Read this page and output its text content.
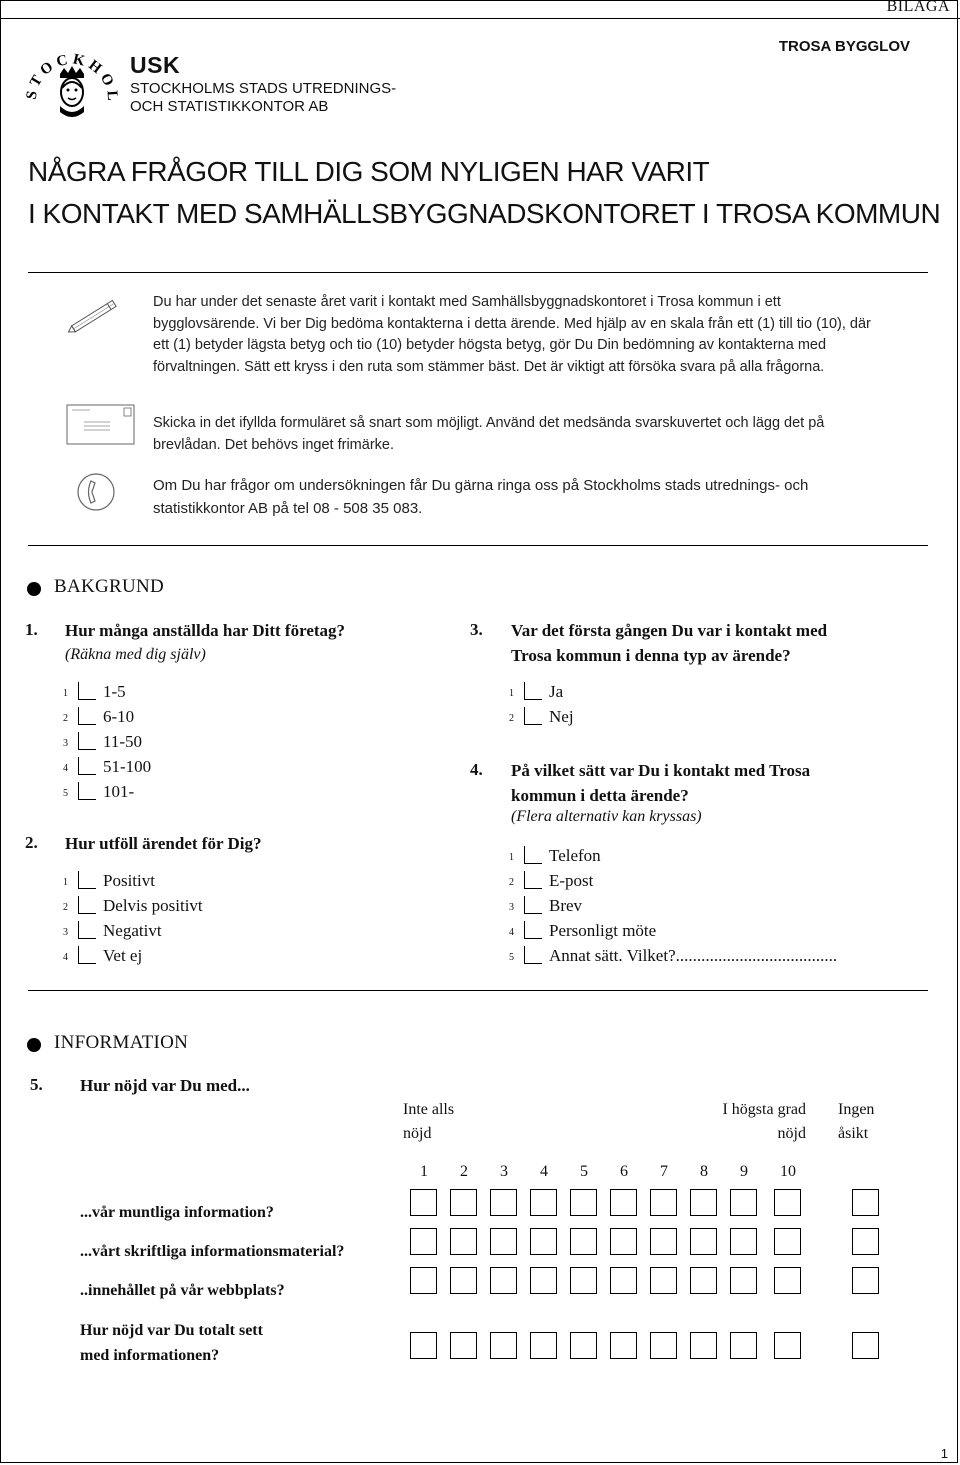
BILAGA
STOCKHOL
USK
STOCKHOLMS STADS UTREDNINGS-
OCH STATISTIKKONTOR AB
TROSA BYGGLOV
NÅGRA FRÅGOR TILL DIG SOM NYLIGEN HAR VARIT
I KONTAKT MED SAMHÄLLSBYGGNADSKONTORET I TROSA KOMMUN
Du har under det senaste året varit i kontakt med Samhällsbyggnadskontoret i Trosa kommun i ett bygglovsärende. Vi ber Dig bedöma kontakterna i detta ärende. Med hjälp av en skala från ett (1) till tio (10), där ett (1) betyder lägsta betyg och tio (10) betyder högsta betyg, gör Du Din bedömning av kontakterna med förvaltningen. Sätt ett kryss i den ruta som stämmer bäst. Det är viktigt att försöka svara på alla frågorna.
Skicka in det ifyllda formuläret så snart som möjligt. Använd det medsända svarskuvertet och lägg det på brevlådan. Det behövs inget frimärke.
Om Du har frågor om undersökningen får Du gärna ringa oss på Stockholms stads utrednings- och statistikkontor AB på tel 08 - 508 35 083.
BAKGRUND
1. Hur många anställda har Ditt företag?
(Räkna med dig själv)
1 1-5
2 6-10
3 11-50
4 51-100
5 101-
2. Hur utföll ärendet för Dig?
1 Positivt
2 Delvis positivt
3 Negativt
4 Vet ej
3. Var det första gången Du var i kontakt med
Trosa kommun i denna typ av ärende?
1 Ja
2 Nej
4. På vilket sätt var Du i kontakt med Trosa
kommun i detta ärende?
(Flera alternativ kan kryssas)
1 Telefon
2 E-post
3 Brev
4 Personligt möte
5 Annat sätt. Vilket?......................................
INFORMATION
5. Hur nöjd var Du med...
Inte alls
nöjd
I högsta grad
nöjd
Ingen
åsikt
1	2	3	4	5	6	7	8	9	10
...vår muntliga information?
...vårt skriftliga informationsmaterial?
..innehållet på vår webbplats?
Hur nöjd var Du totalt sett
med informationen?
1
